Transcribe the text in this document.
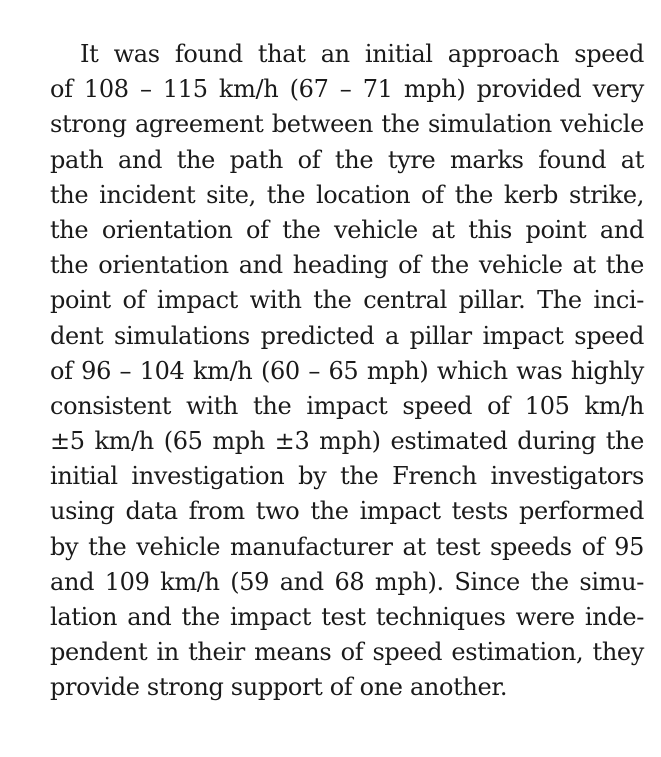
It was found that an initial approach speed
of 108 – 115 km/h (67 – 71 mph) provided very
strong agreement between the simulation vehicle
path and the path of the tyre marks found at
the incident site, the location of the kerb strike,
the orientation of the vehicle at this point and
the orientation and heading of the vehicle at the
point of impact with the central pillar. The inci-
dent simulations predicted a pillar impact speed
of 96 – 104 km/h (60 – 65 mph) which was highly
consistent with the impact speed of 105 km/h
±5 km/h (65 mph ±3 mph) estimated during the
initial investigation by the French investigators
using data from two the impact tests performed
by the vehicle manufacturer at test speeds of 95
and 109 km/h (59 and 68 mph). Since the simu-
lation and the impact test techniques were inde-
pendent in their means of speed estimation, they
provide strong support of one another.
